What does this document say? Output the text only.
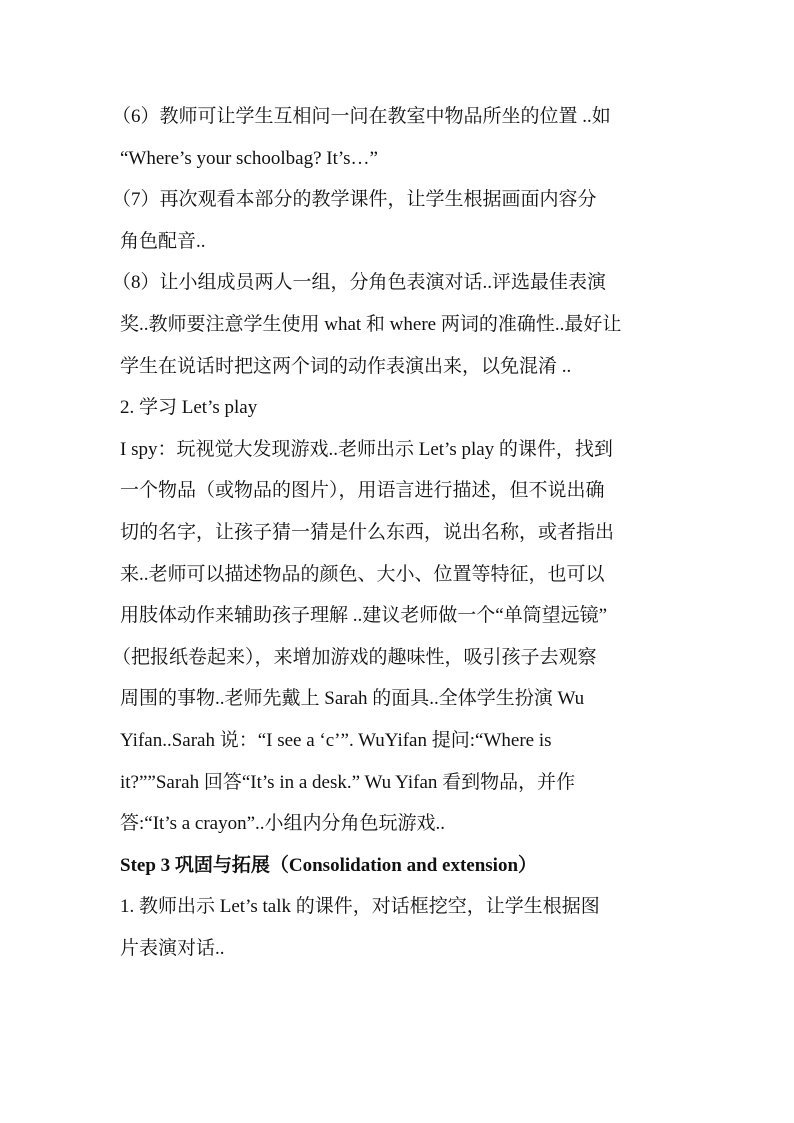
（6）教师可让学生互相问一问在教室中物品所坐的位置 ..如

“Where’s your schoolbag? It’s…”

（7）再次观看本部分的教学课件，让学生根据画面内容分

角色配音..

（8）让小组成员两人一组，分角色表演对话..评选最佳表演

奖..教师要注意学生使用 what 和 where 两词的准确性..最好让

学生在说话时把这两个词的动作表演出来，以免混淆 ..

2. 学习 Let’s play

I spy：玩视觉大发现游戏..老师出示 Let’s play 的课件，找到

一个物品（或物品的图片），用语言进行描述，但不说出确

切的名字，让孩子猜一猜是什么东西，说出名称，或者指出

来..老师可以描述物品的颜色、大小、位置等特征，也可以

用肢体动作来辅助孩子理解 ..建议老师做一个“单筒望远镜”

（把报纸卷起来），来增加游戏的趣味性，吸引孩子去观察

周围的事物..老师先戴上 Sarah 的面具..全体学生扮演 Wu

Yifan..Sarah 说：“I see a ‘c’”. WuYifan 提问:“Where is

it?””Sarah 回答“It’s in a desk.” Wu Yifan 看到物品，并作

答:“It’s a crayon”..小组内分角色玩游戏..

Step 3 巩固与拓展（Consolidation and extension）

1. 教师出示 Let’s talk 的课件，对话框挖空，让学生根据图

片表演对话..
